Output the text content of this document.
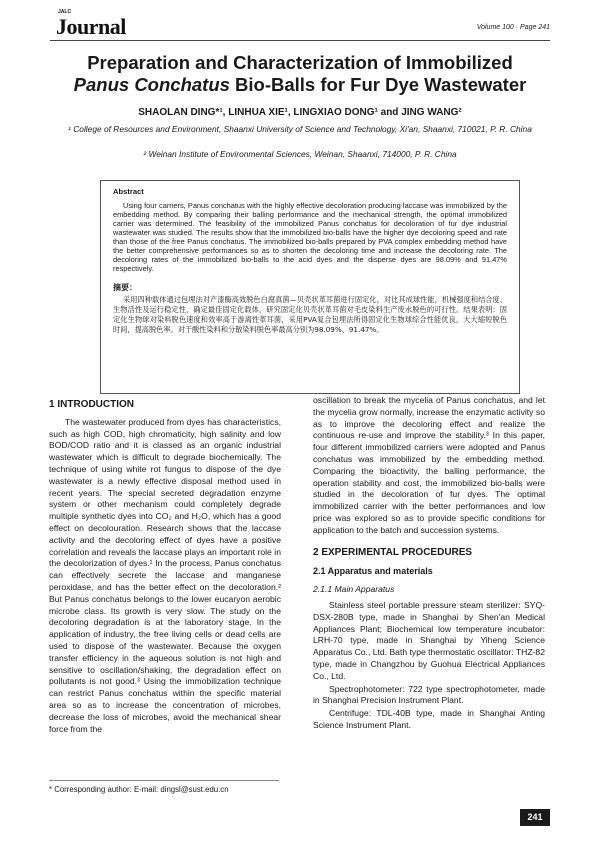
JALC
Journal	Volume 100 · Page 241
Preparation and Characterization of Immobilized
Panus Conchatus Bio-Balls for Fur Dye Wastewater
SHAOLAN DING*¹, LINHUA XIE¹, LINGXIAO DONG¹ and JING WANG²
¹ College of Resources and Environment, Shaanxi University of Science and Technology, Xi'an, Shaanxi, 710021, P. R. China
² Weinan Institute of Environmental Sciences, Weinan, Shaanxi, 714000, P. R. China
Abstract

Using four carriers, Panus conchatus with the highly effective decoloration producing laccase was immobilized by the embedding method. By comparing their balling performance and the mechanical strength, the optimal immobilized carrier was determined. The feasibility of the immobilized Panus conchatus for decoloration of fur dye industrial wastewater was studied. The results show that the immobilized bio-balls have the higher dye decoloring speed and rate than those of the free Panus conchatus. The immobilized bio-balls prepared by PVA complex embedding method have the better comprehensive performances so as to shorten the decoloring time and increase the decoloring rate. The decoloring rates of the immobilized bio-balls to the acid dyes and the disperse dyes are 98.09% and 91.47% respectively.

摘要：

采用四种载体通过包埋法对产漆酶高效脱色白腐真菌—贝壳状革耳菌进行固定化，对比其成球性能，机械强度和结合度、生物活性及运行稳定性，确定最佳固定化载体，研究固定化贝壳状革耳菌对毛皮染料生产废水脱色的可行性。结果表明：固定化生物球对染料脱色速度和效率高于游离性革耳菌，采用PVA复合包埋法所得固定化生物球综合性能优良，大大缩短脱色时间，提高脱色率。对于酸性染料和分散染料脱色率最高分别为98.09%、91.47%。

1 INTRODUCTION

The wastewater produced from dyes has characteristics, such as high COD, high chromaticity, high salinity and low BOD/COD ratio and it is classed as an organic industrial wastewater which is difficult to degrade biochemically. The technique of using white rot fungus to dispose of the dye wastewater is a newly effective disposal method used in recent years. The special secreted degradation enzyme system or other mechanism could completely degrade multiple synthetic dyes into CO₂ and H₂O, which has a good effect on decolouration. Research shows that the laccase activity and the decoloring effect of dyes have a positive correlation and reveals the laccase plays an important role in the decolorization of dyes.¹ In the process, Panus conchatus can effectively secrete the laccase and manganese peroxidase, and has the better effect on the decoloration.² But Panus conchatus belongs to the lower eucaryon aerobic microbe class. Its growth is very slow. The study on the decoloring degradation is at the laboratory stage. In the application of industry, the free living cells or dead cells are used to dispose of the wastewater. Because the oxygen transfer efficiency in the aqueous solution is not high and sensitive to oscillation/shaking, the degradation effect on pollutants is not good.³ Using the immobilization technique can restrict Panus conchatus within the specific material area so as to increase the concentration of microbes, decrease the loss of microbes, avoid the mechanical shear force from the

oscillation to break the mycelia of Panus conchatus, and let the mycelia grow normally, increase the enzymatic activity so as to improve the decoloring effect and realize the continuous re-use and improve the stability.³ In this paper, four different immobilized carriers were adopted and Panus conchatus was immobilized by the embedding method. Comparing the bioactivity, the balling performance, the operation stability and cost, the immobilized bio-balls were studied in the decoloration of fur dyes. The optimal immobilized carrier with the better performances and low price was explored so as to provide specific conditions for application to the batch and succession systems.

2 EXPERIMENTAL PROCEDURES
2.1 Apparatus and materials
2.1.1 Main Apparatus

Stainless steel portable pressure steam sterilizer: SYQ-DSX-280B type, made in Shanghai by Shen'an Medical Appliances Plant; Biochemical low temperature incubator: LRH-70 type, made in Shanghai by Yiheng Science Apparatus Co., Ltd. Bath type thermostatic oscillator: THZ-82 type, made in Changzhou by Guohua Electrical Appliances Co., Ltd.

Spectrophotometer: 722 type spectrophotometer, made in Shanghai Precision Instrument Plant.

Centrifuge: TDL-40B type, made in Shanghai Anting Science Instrument Plant.

* Corresponding author: E-mail: dingsl@sust.edu.cn
241
